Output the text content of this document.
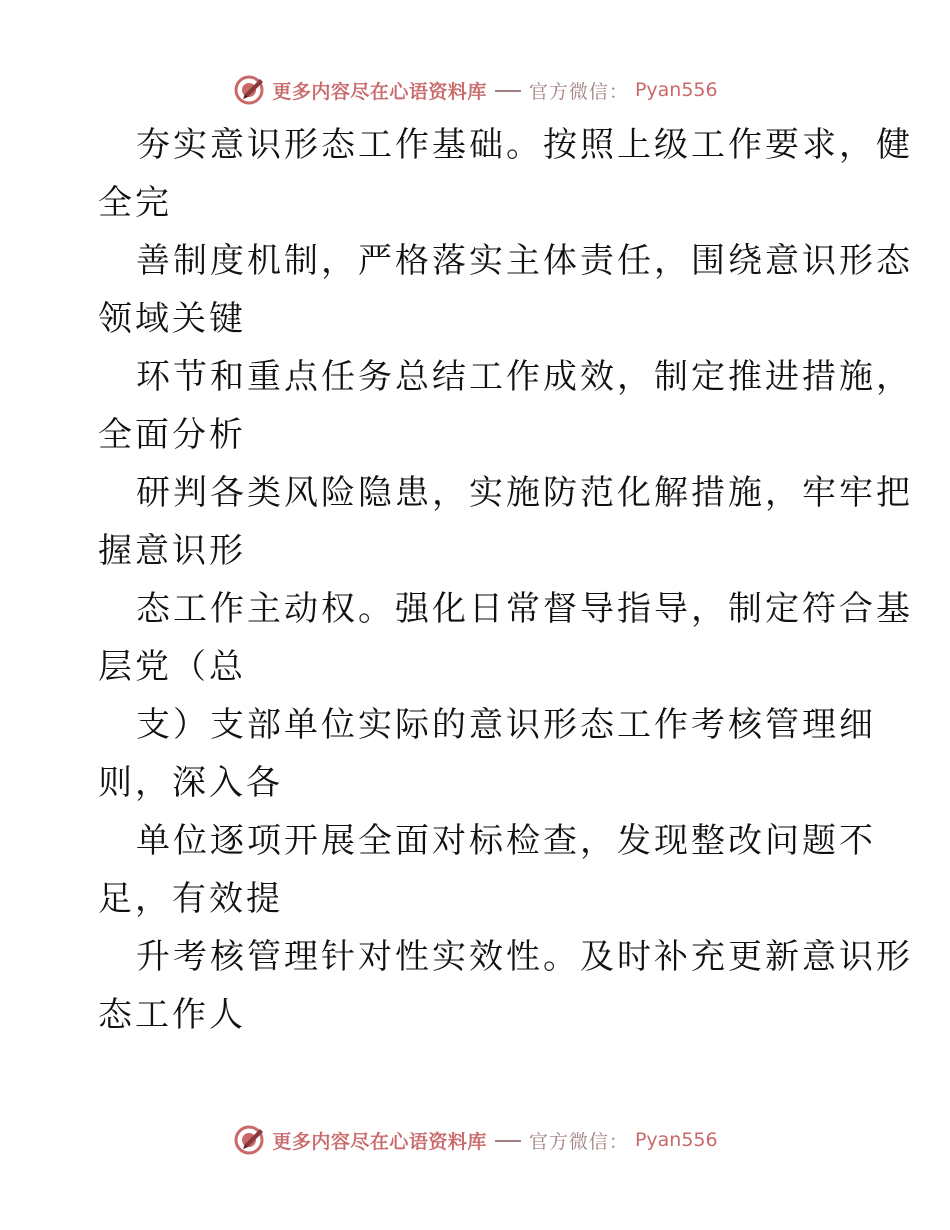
更多内容尽在心语资料库 官方微信： Pyan556
夯实意识形态工作基础。按照上级工作要求，健
全完
善制度机制，严格落实主体责任，围绕意识形态
领域关键
环节和重点任务总结工作成效，制定推进措施，
全面分析
研判各类风险隐患，实施防范化解措施，牢牢把
握意识形
态工作主动权。强化日常督导指导，制定符合基
层党（总
支）支部单位实际的意识形态工作考核管理细
则，深入各
单位逐项开展全面对标检查，发现整改问题不
足，有效提
升考核管理针对性实效性。及时补充更新意识形
态工作人
更多内容尽在心语资料库 官方微信： Pyan556
